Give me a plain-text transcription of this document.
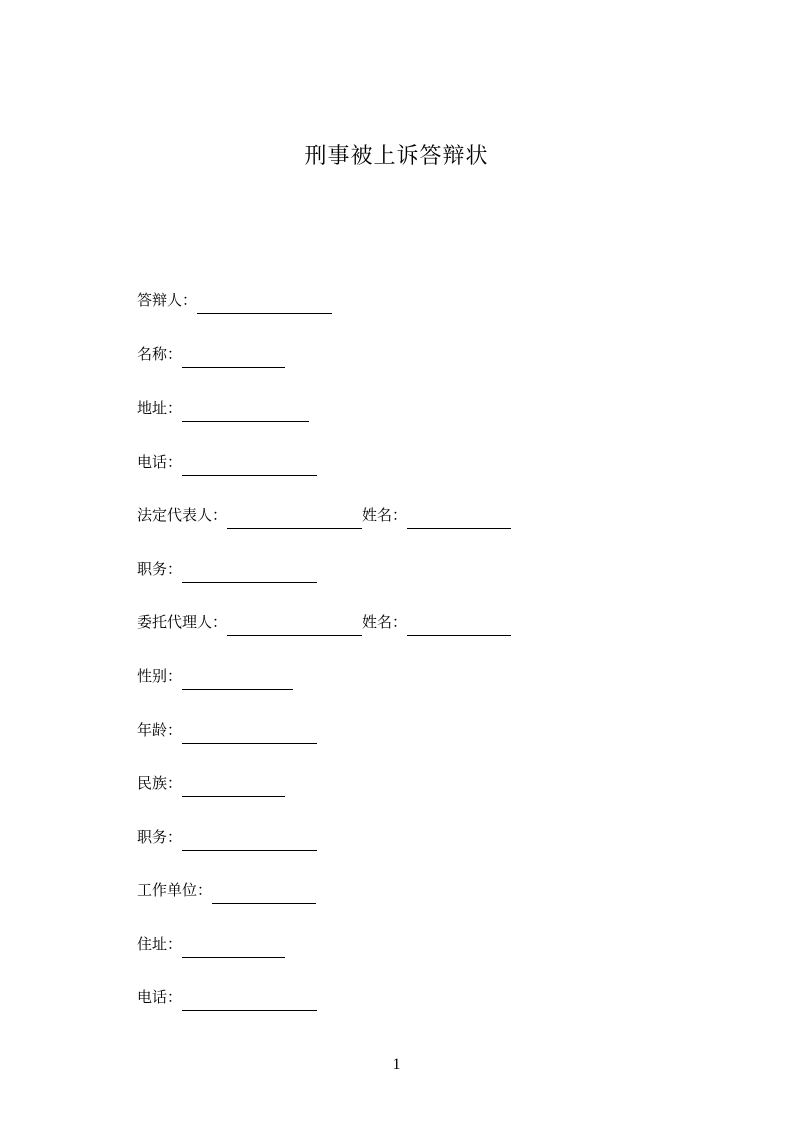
刑事被上诉答辩状
答辩人：
名称：
地址：
电话：
法定代表人：	姓名：
职务：
委托代理人：	姓名：
性别：
年龄：
民族：
职务：
工作单位：
住址：
电话：
1
